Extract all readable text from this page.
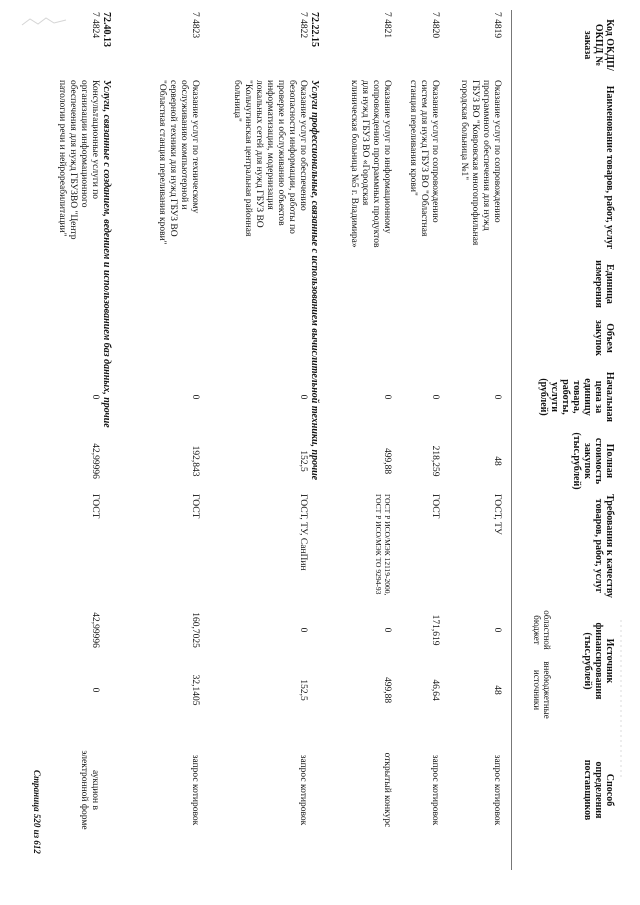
Код ОКДП/ ОКПД № заказа
Наименование товаров, работ, услуг
Единица измерения
Объем закупок
Начальная цена за единицу товара, работы, услуги (рублей)
Полная стоимость закупок (тыс.рублей)
Требования к качеству товаров, работ, услуг
Источник финансирования (тыс.рублей)
областной бюджет
внебюджетные источники
Способ определения поставщиков
7 4819
Оказание услуг по сопровождению программного обеспечения для нужд ГБУЗ ВО "Ковровская многопрофильная городская больница №1"
0
48
ГОСТ, ТУ
0
48
запрос котировок
7 4820
Оказание услуг по сопровождению систем для нужд ГБУЗ ВО "Областная станция переливания крови"
0
218,259
ГОСТ
171,619
46,64
запрос котировок
7 4821
Оказание услуг по информационному сопровождению программных продуктов для нужд ГБУЗ ВО «Городская клиническая больница №5 г. Владимира»
0
499,88
ГОСТ Р ИСО/МЭК 12119-2000, ГОСТ Р ИСО/МЭК ТО 9294-93
0
499,88
открытый конкурс
72.22.15
Услуги профессиональные, связанные с использованием вычислительной техники, прочие
7 4822
Оказание услуг по обеспечению безопасности информации, работы по проверке и обслуживанию объектов информатизации, модернизация локальных сетей для нужд ГБУЗ ВО "Кольчугинская центральная районная больница"
0
152,5
ГОСТ, ТУ, СанПин
0
152,5
запрос котировок
7 4823
Оказание услуг по техническому обслуживанию компьютерной и серверной техники для нужд ГБУЗ ВО "Областная станция переливания крови"
0
192,843
ГОСТ
160,7025
32,1405
запрос котировок
72.40.13
Услуги, связанные с созданием, ведением и использованием баз данных, прочие
7 4824
Консультационные услуги по организации информационного обеспечения для нужд ГБУЗВО "Центр патологии речи и нейрореабилитации"
0
42,99996
ГОСТ
42,99996
0
аукцион в электронной форме
Страница 520 из 612
